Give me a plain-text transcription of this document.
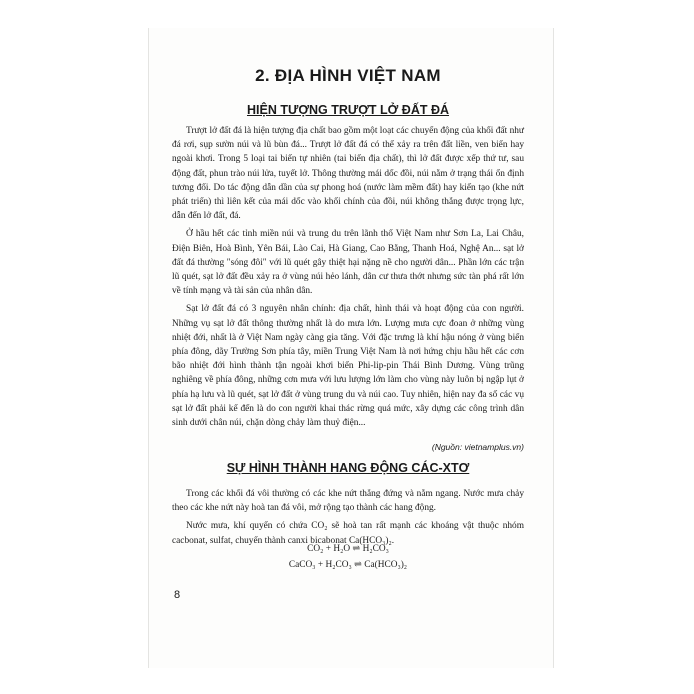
2. ĐỊA HÌNH VIỆT NAM
HIỆN TƯỢNG TRƯỢT LỞ ĐẤT ĐÁ

Trượt lở đất đá là hiện tượng địa chất bao gồm một loạt các chuyển động của khối đất như đá rơi, sụp sườn núi và lũ bùn đá... Trượt lở đất đá có thể xảy ra trên đất liền, ven biển hay ngoài khơi. Trong 5 loại tai biến tự nhiên (tai biến địa chất), thì lở đất được xếp thứ tư, sau động đất, phun trào núi lửa, tuyết lở. Thông thường mái dốc đồi, núi nằm ở trạng thái ổn định tương đối. Do tác động dẫn dần của sự phong hoá (nước làm mềm đất) hay kiến tạo (khe nứt phát triển) thì liên kết của mái dốc vào khối chính của đồi, núi không thắng được trọng lực, dẫn đến lở đất, đá.

Ở hầu hết các tỉnh miền núi và trung du trên lãnh thổ Việt Nam như Sơn La, Lai Châu, Điện Biên, Hoà Bình, Yên Bái, Lào Cai, Hà Giang, Cao Bằng, Thanh Hoá, Nghệ An... sạt lở đất đá thường "sóng đôi" với lũ quét gây thiệt hại nặng nề cho người dân... Phần lớn các trận lũ quét, sạt lở đất đều xảy ra ở vùng núi hẻo lánh, dân cư thưa thớt nhưng sức tàn phá rất lớn về tính mạng và tài sản của nhân dân.

Sạt lở đất đá có 3 nguyên nhân chính: địa chất, hình thái và hoạt động của con người. Những vụ sạt lở đất thông thường nhất là do mưa lớn. Lượng mưa cực đoan ở những vùng nhiệt đới, nhất là ở Việt Nam ngày càng gia tăng. Với đặc trưng là khí hậu nóng ở vùng biển phía đông, dãy Trường Sơn phía tây, miền Trung Việt Nam là nơi hứng chịu hầu hết các cơn bão nhiệt đới hình thành tận ngoài khơi biển Phi-lip-pin Thái Bình Dương. Vùng trũng nghiêng về phía đông, những cơn mưa với lưu lượng lớn làm cho vùng này luôn bị ngập lụt ở phía hạ lưu và lũ quét, sạt lở đất ở vùng trung du và núi cao. Tuy nhiên, hiện nay đa số các vụ sạt lở đất phải kể đến là do con người khai thác rừng quá mức, xây dựng các công trình dân sinh dưới chân núi, chặn dòng chảy làm thuỷ điện...

(Nguồn: vietnamplus.vn)
SỰ HÌNH THÀNH HANG ĐỘNG CÁC-XTƠ

Trong các khối đá vôi thường có các khe nứt thẳng đứng và nằm ngang. Nước mưa chảy theo các khe nứt này hoà tan đá vôi, mở rộng tạo thành các hang động.

Nước mưa, khí quyển có chứa CO₂ sẽ hoà tan rất mạnh các khoáng vật thuộc nhóm cacbonat, sulfat, chuyển thành canxi bicabonat Ca(HCO₃)₂.

CO₂ + H₂O ⇌ H₂CO₃
CaCO₃ + H₂CO₃ ⇌ Ca(HCO₃)₂
8
